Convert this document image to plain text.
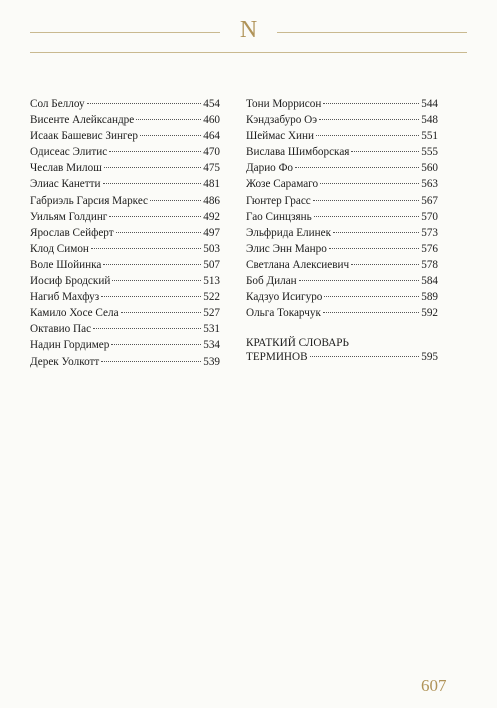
N
Сол Беллоу	454
Висенте Алейксандре	460
Исаак Башевис Зингер	464
Одисеас Элитис	470
Чеслав Милош	475
Элиас Канетти	481
Габриэль Гарсия Маркес	486
Уильям Голдинг	492
Ярослав Сейферт	497
Клод Симон	503
Воле Шойинка	507
Иосиф Бродский	513
Нагиб Махфуз	522
Камило Хосе Села	527
Октавио Пас	531
Надин Гордимер	534
Дерек Уолкотт	539
Тони Моррисон	544
Кэндзабуро Оэ	548
Шеймас Хини	551
Вислава Шимборская	555
Дарио Фо	560
Жозе Сарамаго	563
Гюнтер Грасс	567
Гао Синцзянь	570
Эльфрида Елинек	573
Элис Энн Манро	576
Светлана Алексиевич	578
Боб Дилан	584
Кадзуо Исигуро	589
Ольга Токарчук	592
КРАТКИЙ СЛОВАРЬ
ТЕРМИНОВ	595
607
